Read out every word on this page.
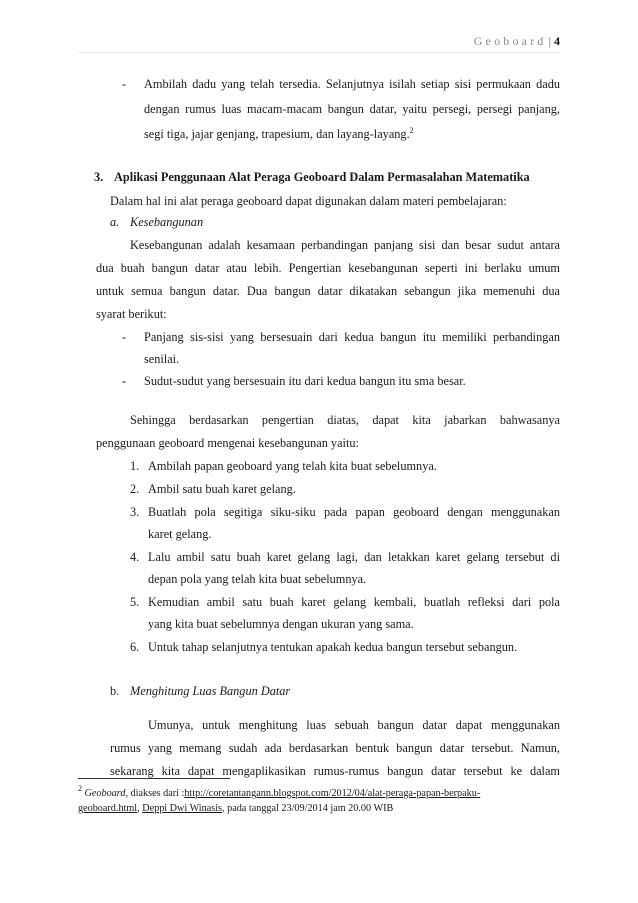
Geoboard | 4
- Ambilah dadu yang telah tersedia. Selanjutnya isilah setiap sisi permukaan dadu
dengan rumus luas macam-macam bangun datar, yaitu persegi, persegi panjang,
segi tiga, jajar genjang, trapesium, dan layang-layang.$^2$
3. Aplikasi Penggunaan Alat Peraga Geoboard Dalam Permasalahan Matematika
Dalam hal ini alat peraga geoboard dapat digunakan dalam materi pembelajaran:
a. Kesebangunan
Kesebangunan adalah kesamaan perbandingan panjang sisi dan besar sudut antara
dua buah bangun datar atau lebih. Pengertian kesebangunan seperti ini berlaku umum
untuk semua bangun datar. Dua bangun datar dikatakan sebangun jika memenuhi dua
syarat berikut:
- Panjang sis-sisi yang bersesuain dari kedua bangun itu memiliki perbandingan
senilai.
- Sudut-sudut yang bersesuain itu dari kedua bangun itu sma besar.
Sehingga berdasarkan pengertian diatas, dapat kita jabarkan bahwasanya
penggunaan geoboard mengenai kesebangunan yaitu:
1. Ambilah papan geoboard yang telah kita buat sebelumnya.
2. Ambil satu buah karet gelang.
3. Buatlah pola segitiga siku-siku pada papan geoboard dengan menggunakan
karet gelang.
4. Lalu ambil satu buah karet gelang lagi, dan letakkan karet gelang tersebut di
depan pola yang telah kita buat sebelumnya.
5. Kemudian ambil satu buah karet gelang kembali, buatlah refleksi dari pola
yang kita buat sebelumnya dengan ukuran yang sama.
6. Untuk tahap selanjutnya tentukan apakah kedua bangun tersebut sebangun.
b. Menghitung Luas Bangun Datar
Umunya, untuk menghitung luas sebuah bangun datar dapat menggunakan
rumus yang memang sudah ada berdasarkan bentuk bangun datar tersebut. Namun,
sekarang kita dapat mengaplikasikan rumus-rumus bangun datar tersebut ke dalam
$^2$ Geoboard, diakses dari :http://coretantangann.blogspot.com/2012/04/alat-peraga-papan-berpaku-
geoboard.html, Deppi Dwi Winasis, pada tanggal 23/09/2014 jam 20.00 WIB
